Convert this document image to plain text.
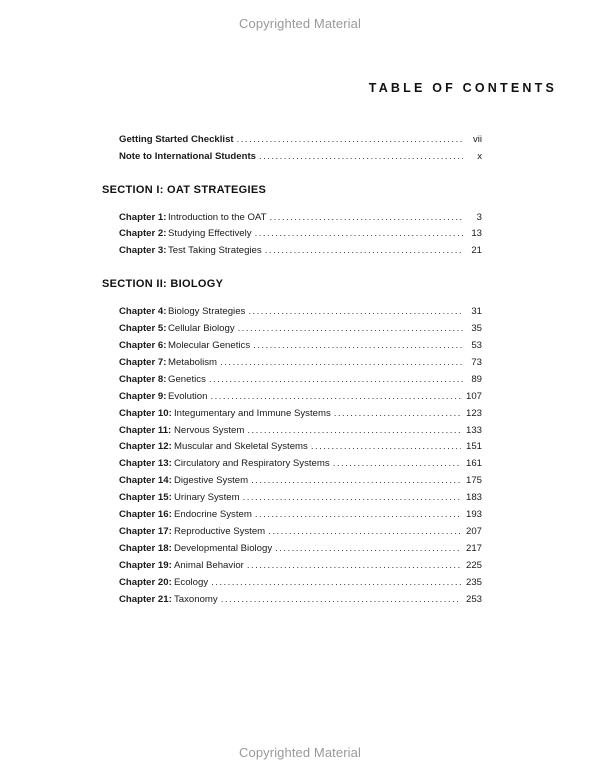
Copyrighted Material
TABLE OF CONTENTS
Getting Started Checklist . . .	vii
Note to International Students . . .	x
SECTION I: OAT STRATEGIES
Chapter 1: Introduction to the OAT . . .	3
Chapter 2: Studying Effectively . . .	13
Chapter 3: Test Taking Strategies . . .	21
SECTION II: BIOLOGY
Chapter 4: Biology Strategies . . .	31
Chapter 5: Cellular Biology . . .	35
Chapter 6: Molecular Genetics . . .	53
Chapter 7: Metabolism . . .	73
Chapter 8: Genetics . . .	89
Chapter 9: Evolution . . .	107
Chapter 10: Integumentary and Immune Systems . . .	123
Chapter 11: Nervous System . . .	133
Chapter 12: Muscular and Skeletal Systems . . .	151
Chapter 13: Circulatory and Respiratory Systems . . .	161
Chapter 14: Digestive System . . .	175
Chapter 15: Urinary System . . .	183
Chapter 16: Endocrine System . . .	193
Chapter 17: Reproductive System . . .	207
Chapter 18: Developmental Biology . . .	217
Chapter 19: Animal Behavior . . .	225
Chapter 20: Ecology . . .	235
Chapter 21: Taxonomy . . .	253
Copyrighted Material
